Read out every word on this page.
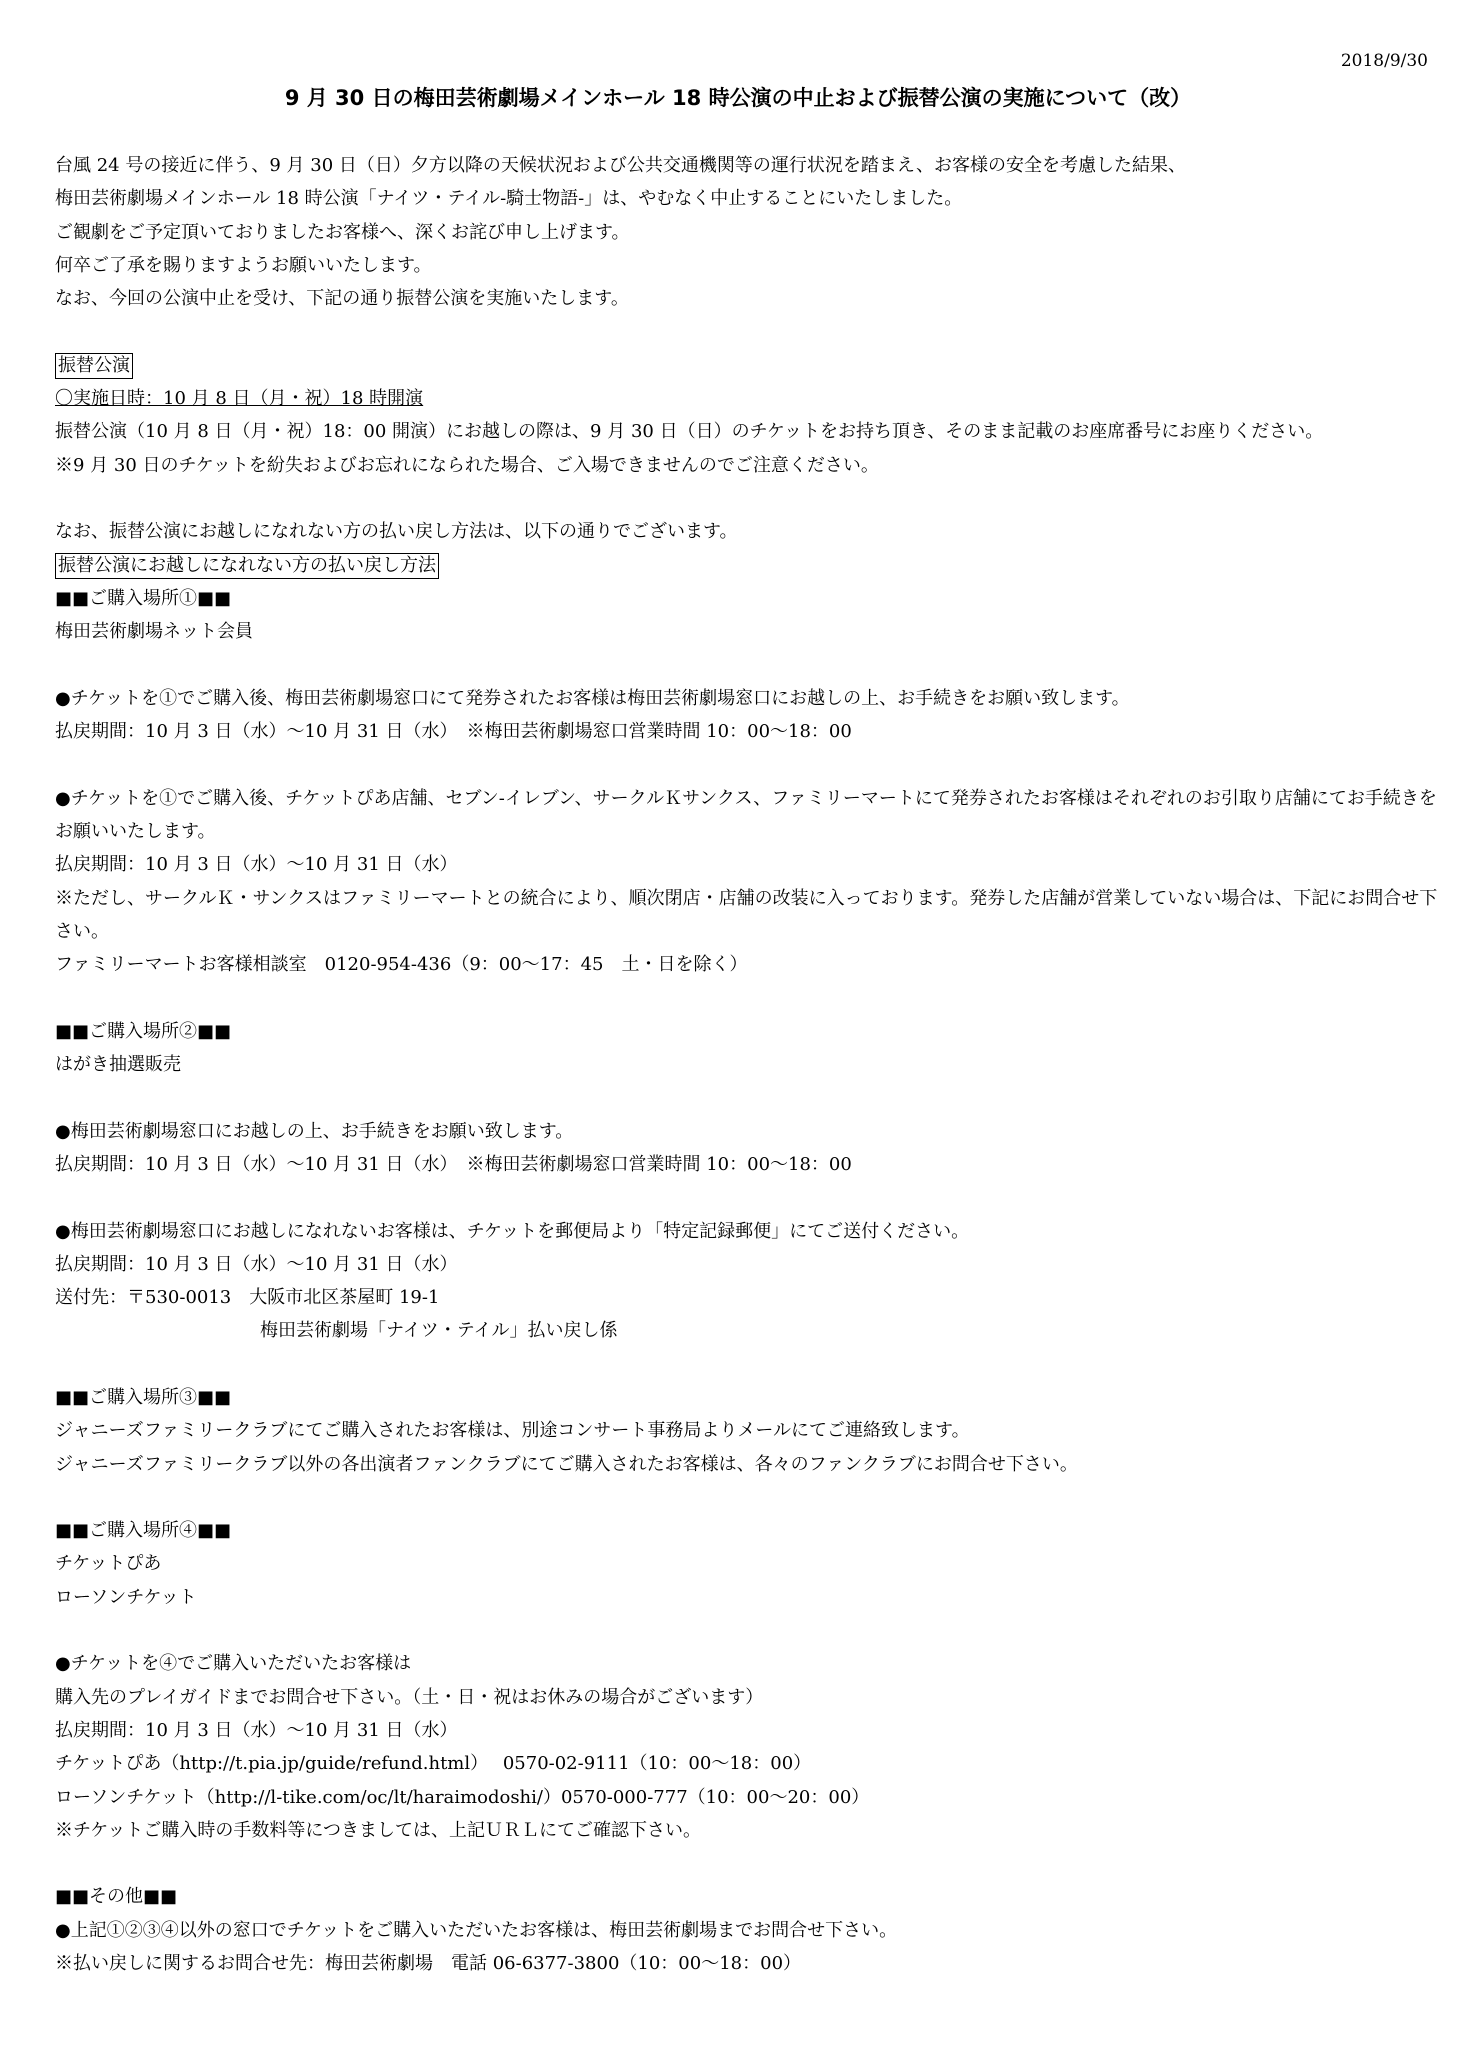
2018/9/30
9 月 30 日の梅田芸術劇場メインホール 18 時公演の中止および振替公演の実施について（改）
台風 24 号の接近に伴う、9 月 30 日（日）夕方以降の天候状況および公共交通機関等の運行状況を踏まえ、お客様の安全を考慮した結果、
梅田芸術劇場メインホール 18 時公演「ナイツ・テイル-騎士物語-」は、やむなく中止することにいたしました。
ご観劇をご予定頂いておりましたお客様へ、深くお詫び申し上げます。
何卒ご了承を賜りますようお願いいたします。
なお、今回の公演中止を受け、下記の通り振替公演を実施いたします。
振替公演
〇実施日時：10 月 8 日（月・祝）18 時開演
振替公演（10 月 8 日（月・祝）18：00 開演）にお越しの際は、9 月 30 日（日）のチケットをお持ち頂き、そのまま記載のお座席番号にお座りください。
※9 月 30 日のチケットを紛失およびお忘れになられた場合、ご入場できませんのでご注意ください。
なお、振替公演にお越しになれない方の払い戻し方法は、以下の通りでございます。
振替公演にお越しになれない方の払い戻し方法
■■ご購入場所①■■
梅田芸術劇場ネット会員
●チケットを①でご購入後、梅田芸術劇場窓口にて発券されたお客様は梅田芸術劇場窓口にお越しの上、お手続きをお願い致します。
払戻期間：10 月 3 日（水）～10 月 31 日（水）　※梅田芸術劇場窓口営業時間 10：00～18：00
●チケットを①でご購入後、チケットぴあ店舗、セブン-イレブン、サークルＫサンクス、ファミリーマートにて発券されたお客様はそれぞれのお引取り店舗にてお手続きをお願いいたします。
払戻期間：10 月 3 日（水）～10 月 31 日（水）
※ただし、サークルＫ・サンクスはファミリーマートとの統合により、順次閉店・店舗の改装に入っております。発券した店舗が営業していない場合は、下記にお問合せ下さい。
ファミリーマートお客様相談室　0120-954-436（9：00～17：45　土・日を除く）
■■ご購入場所②■■
はがき抽選販売
●梅田芸術劇場窓口にお越しの上、お手続きをお願い致します。
払戻期間：10 月 3 日（水）～10 月 31 日（水）　※梅田芸術劇場窓口営業時間 10：00～18：00
●梅田芸術劇場窓口にお越しになれないお客様は、チケットを郵便局より「特定記録郵便」にてご送付ください。
払戻期間：10 月 3 日（水）～10 月 31 日（水）
送付先：〒530-0013　大阪市北区茶屋町 19-1
梅田芸術劇場「ナイツ・テイル」払い戻し係
■■ご購入場所③■■
ジャニーズファミリークラブにてご購入されたお客様は、別途コンサート事務局よりメールにてご連絡致します。
ジャニーズファミリークラブ以外の各出演者ファンクラブにてご購入されたお客様は、各々のファンクラブにお問合せ下さい。
■■ご購入場所④■■
チケットぴあ
ローソンチケット
●チケットを④でご購入いただいたお客様は
購入先のプレイガイドまでお問合せ下さい。（土・日・祝はお休みの場合がございます）
払戻期間：10 月 3 日（水）～10 月 31 日（水）
チケットぴあ（http://t.pia.jp/guide/refund.html）　 0570-02-9111（10：00～18：00）
ローソンチケット（http://l-tike.com/oc/lt/haraimodoshi/）0570-000-777（10：00～20：00）
※チケットご購入時の手数料等につきましては、上記ＵＲＬにてご確認下さい。
■■その他■■
●上記①②③④以外の窓口でチケットをご購入いただいたお客様は、梅田芸術劇場までお問合せ下さい。
※払い戻しに関するお問合せ先：梅田芸術劇場　電話 06-6377-3800（10：00～18：00）
